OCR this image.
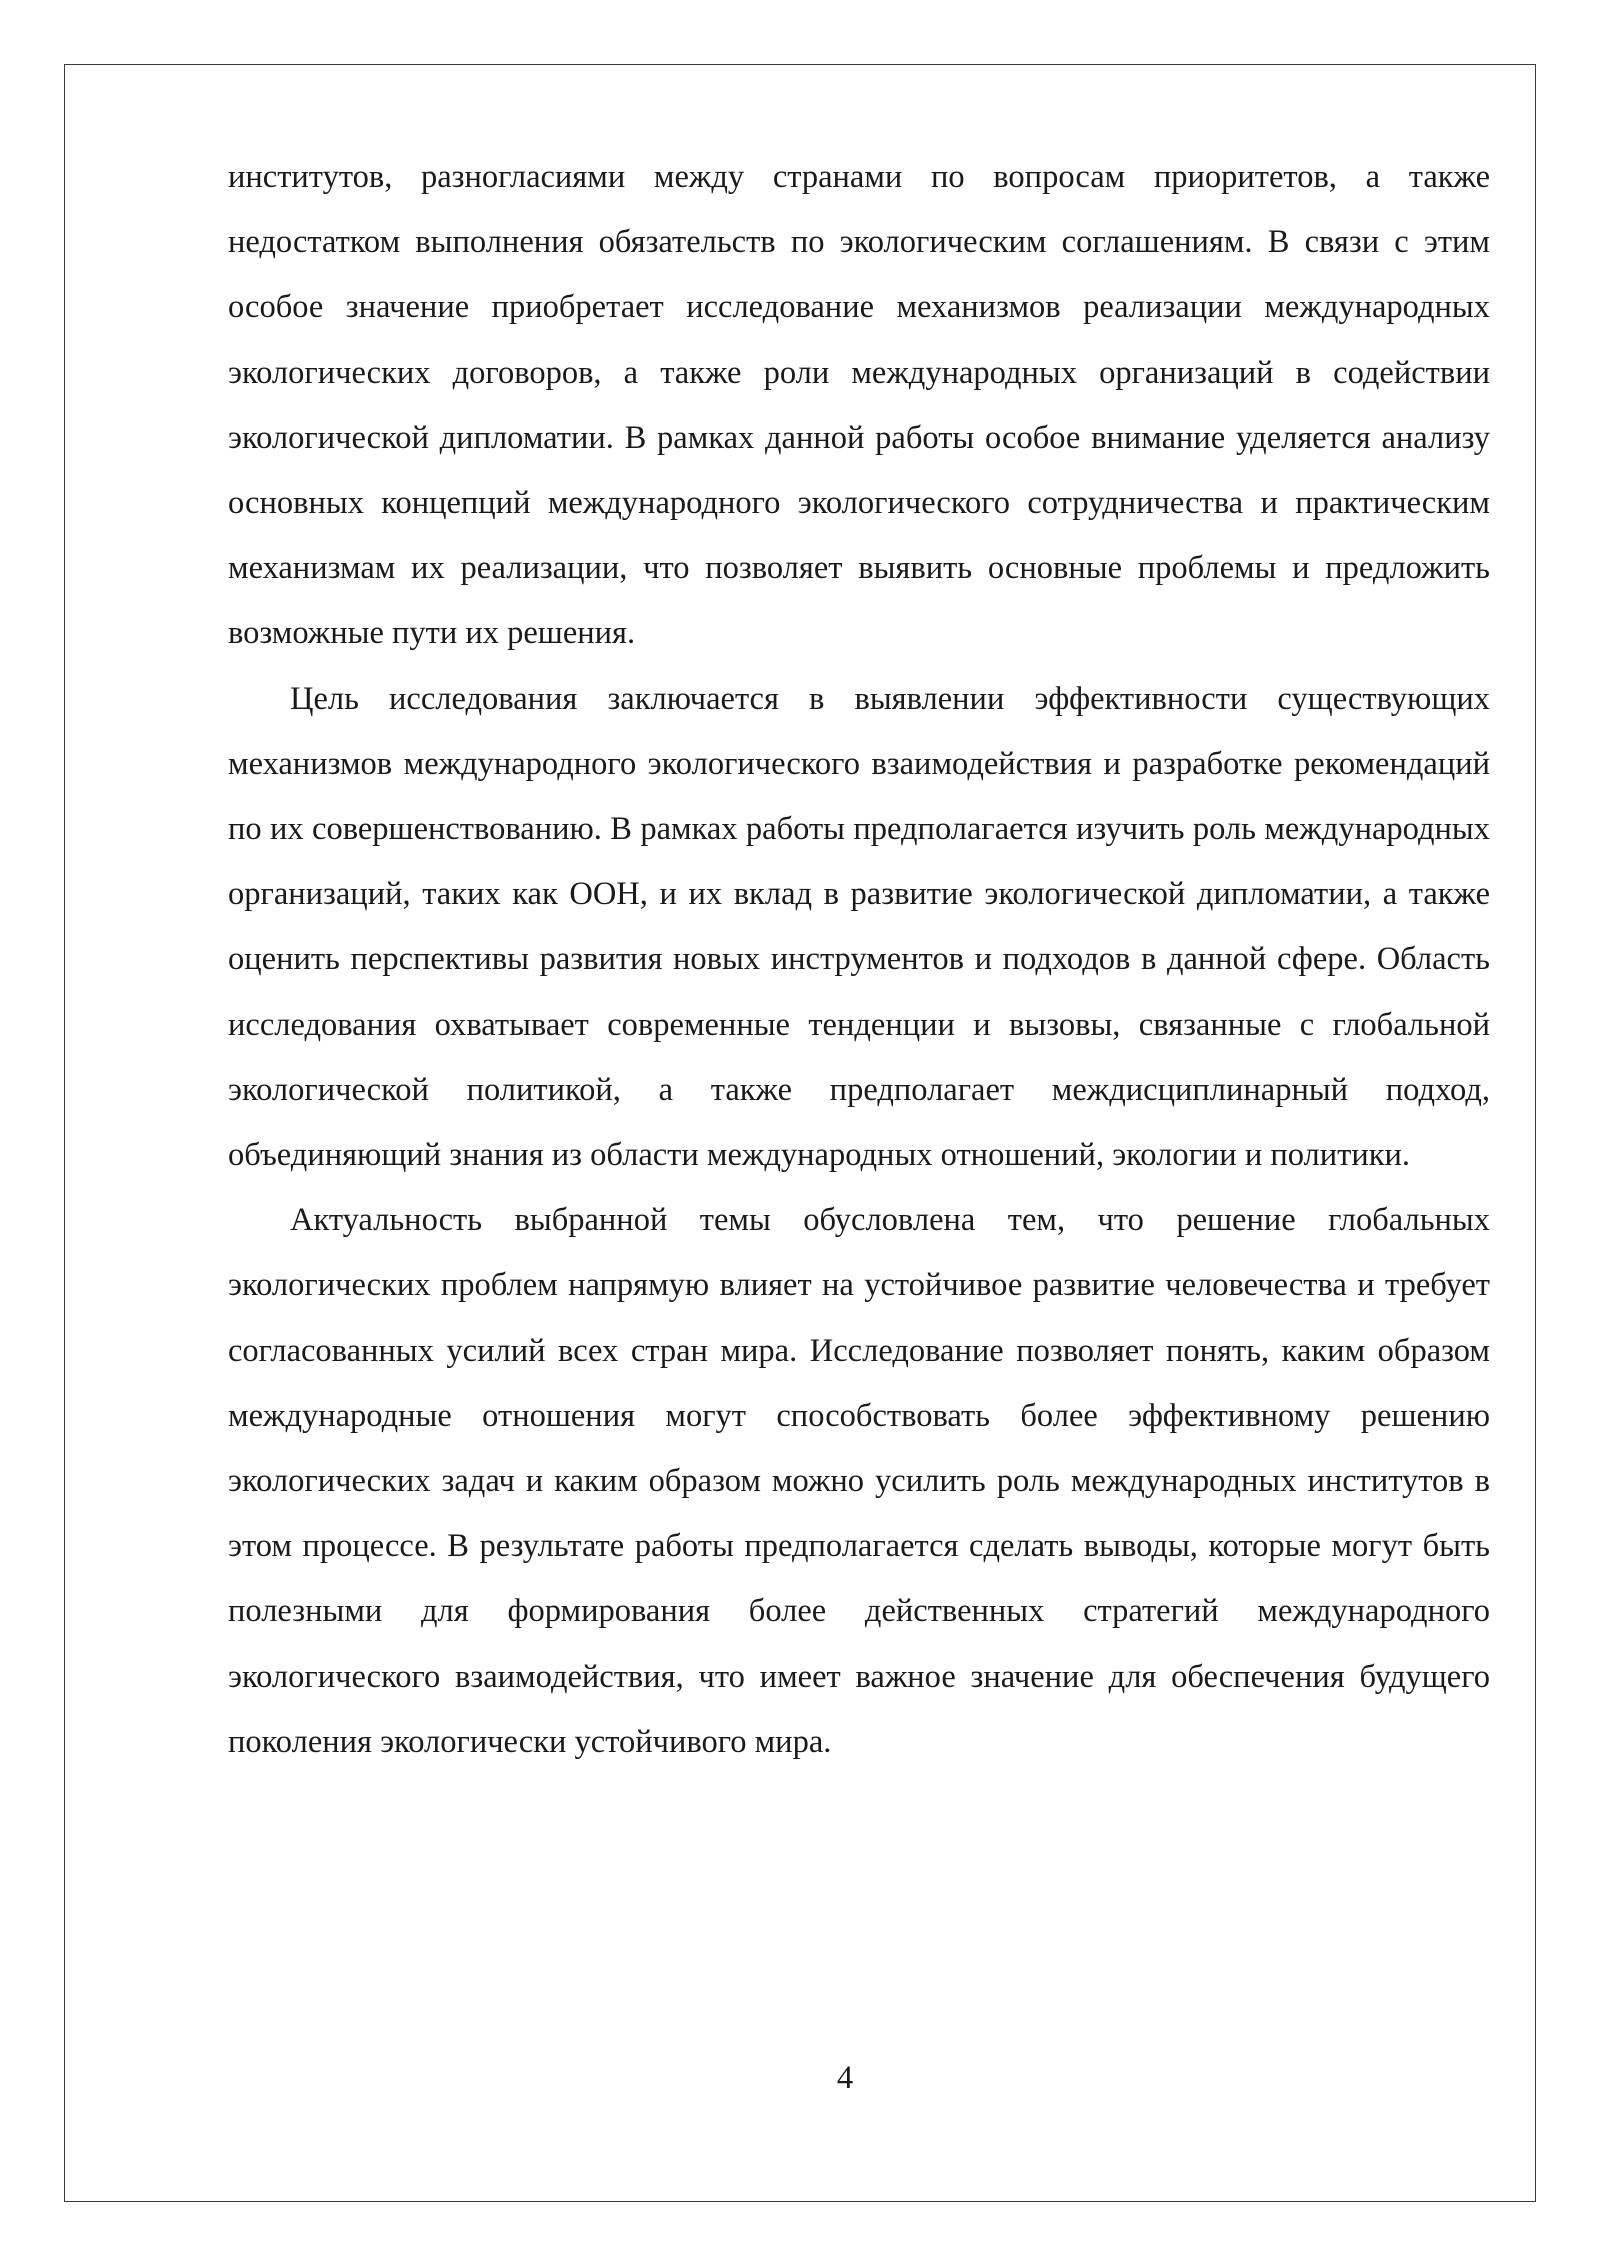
институтов, разногласиями между странами по вопросам приоритетов, а также недостатком выполнения обязательств по экологическим соглашениям. В связи с этим особое значение приобретает исследование механизмов реализации международных экологических договоров, а также роли международных организаций в содействии экологической дипломатии. В рамках данной работы особое внимание уделяется анализу основных концепций международного экологического сотрудничества и практическим механизмам их реализации, что позволяет выявить основные проблемы и предложить возможные пути их решения.

Цель исследования заключается в выявлении эффективности существующих механизмов международного экологического взаимодействия и разработке рекомендаций по их совершенствованию. В рамках работы предполагается изучить роль международных организаций, таких как ООН, и их вклад в развитие экологической дипломатии, а также оценить перспективы развития новых инструментов и подходов в данной сфере. Область исследования охватывает современные тенденции и вызовы, связанные с глобальной экологической политикой, а также предполагает междисциплинарный подход, объединяющий знания из области международных отношений, экологии и политики.

Актуальность выбранной темы обусловлена тем, что решение глобальных экологических проблем напрямую влияет на устойчивое развитие человечества и требует согласованных усилий всех стран мира. Исследование позволяет понять, каким образом международные отношения могут способствовать более эффективному решению экологических задач и каким образом можно усилить роль международных институтов в этом процессе. В результате работы предполагается сделать выводы, которые могут быть полезными для формирования более действенных стратегий международного экологического взаимодействия, что имеет важное значение для обеспечения будущего поколения экологически устойчивого мира.

4
